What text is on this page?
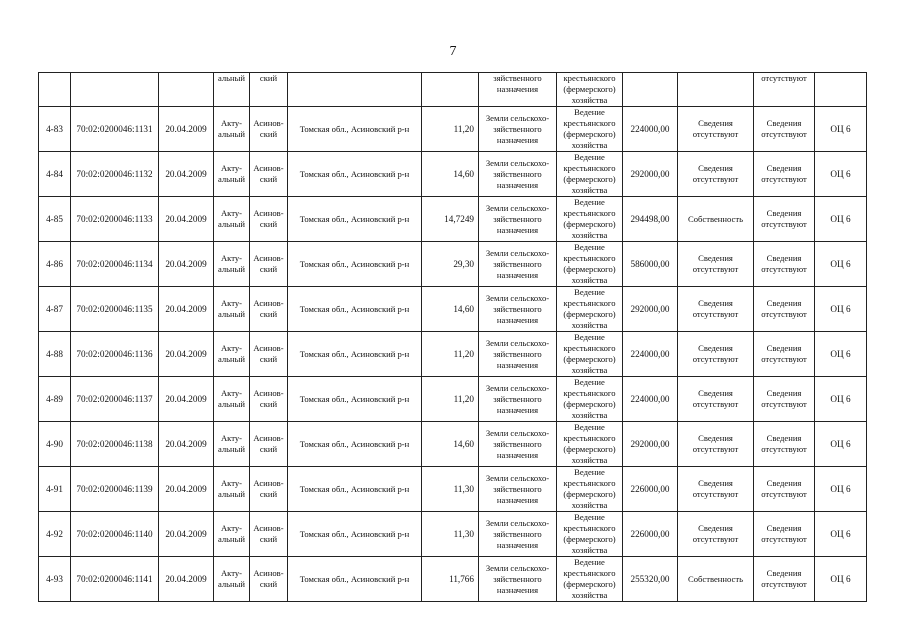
7
			альный	ский			зяйственного назначения	крестьянского (фермерского) хозяйства			отсутствуют	
4-83	70:02:0200046:1131	20.04.2009	Акту-альный	Асинов-ский	Томская обл., Асиновский р-н	11,20	Земли сельскохо-зяйственного назначения	Ведение крестьянского (фермерского) хозяйства	224000,00	Сведения отсутствуют	Сведения отсутствуют	ОЦ 6
4-84	70:02:0200046:1132	20.04.2009	Акту-альный	Асинов-ский	Томская обл., Асиновский р-н	14,60	Земли сельскохо-зяйственного назначения	Ведение крестьянского (фермерского) хозяйства	292000,00	Сведения отсутствуют	Сведения отсутствуют	ОЦ 6
4-85	70:02:0200046:1133	20.04.2009	Акту-альный	Асинов-ский	Томская обл., Асиновский р-н	14,7249	Земли сельскохо-зяйственного назначения	Ведение крестьянского (фермерского) хозяйства	294498,00	Собственность	Сведения отсутствуют	ОЦ 6
4-86	70:02:0200046:1134	20.04.2009	Акту-альный	Асинов-ский	Томская обл., Асиновский р-н	29,30	Земли сельскохо-зяйственного назначения	Ведение крестьянского (фермерского) хозяйства	586000,00	Сведения отсутствуют	Сведения отсутствуют	ОЦ 6
4-87	70:02:0200046:1135	20.04.2009	Акту-альный	Асинов-ский	Томская обл., Асиновский р-н	14,60	Земли сельскохо-зяйственного назначения	Ведение крестьянского (фермерского) хозяйства	292000,00	Сведения отсутствуют	Сведения отсутствуют	ОЦ 6
4-88	70:02:0200046:1136	20.04.2009	Акту-альный	Асинов-ский	Томская обл., Асиновский р-н	11,20	Земли сельскохо-зяйственного назначения	Ведение крестьянского (фермерского) хозяйства	224000,00	Сведения отсутствуют	Сведения отсутствуют	ОЦ 6
4-89	70:02:0200046:1137	20.04.2009	Акту-альный	Асинов-ский	Томская обл., Асиновский р-н	11,20	Земли сельскохо-зяйственного назначения	Ведение крестьянского (фермерского) хозяйства	224000,00	Сведения отсутствуют	Сведения отсутствуют	ОЦ 6
4-90	70:02:0200046:1138	20.04.2009	Акту-альный	Асинов-ский	Томская обл., Асиновский р-н	14,60	Земли сельскохо-зяйственного назначения	Ведение крестьянского (фермерского) хозяйства	292000,00	Сведения отсутствуют	Сведения отсутствуют	ОЦ 6
4-91	70:02:0200046:1139	20.04.2009	Акту-альный	Асинов-ский	Томская обл., Асиновский р-н	11,30	Земли сельскохо-зяйственного назначения	Ведение крестьянского (фермерского) хозяйства	226000,00	Сведения отсутствуют	Сведения отсутствуют	ОЦ 6
4-92	70:02:0200046:1140	20.04.2009	Акту-альный	Асинов-ский	Томская обл., Асиновский р-н	11,30	Земли сельскохо-зяйственного назначения	Ведение крестьянского (фермерского) хозяйства	226000,00	Сведения отсутствуют	Сведения отсутствуют	ОЦ 6
4-93	70:02:0200046:1141	20.04.2009	Акту-альный	Асинов-ский	Томская обл., Асиновский р-н	11,766	Земли сельскохо-зяйственного назначения	Ведение крестьянского (фермерского) хозяйства	255320,00	Собственность	Сведения отсутствуют	ОЦ 6
